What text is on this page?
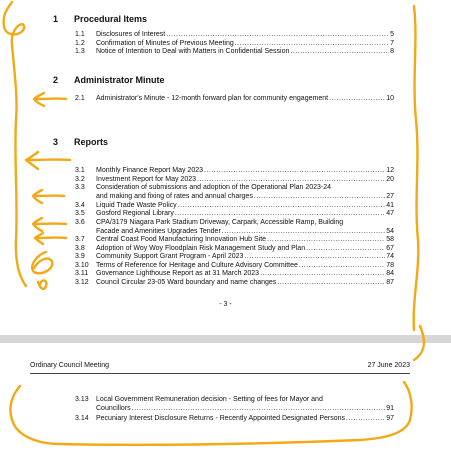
1 Procedural Items
1.1 Disclosures of Interest .....	5
1.2 Confirmation of Minutes of Previous Meeting .....	7
1.3 Notice of Intention to Deal with Matters in Confidential Session .....	8
2 Administrator Minute
2.1 Administrator's Minute - 12-month forward plan for community engagement .....	10
3 Reports
3.1 Monthly Finance Report May 2023 .....	12
3.2 Investment Report for May 2023 .....	20
3.3 Consideration of submissions and adoption of the Operational Plan 2023-24
and making and fixing of rates and annual charges .....	27
3.4 Liquid Trade Waste Policy .....	41
3.5 Gosford Regional Library .....	47
3.6 CPA/3179 Niagara Park Stadium Driveway, Carpark, Accessible Ramp, Building
Facade and Amenities Upgrades Tender .....	54
3.7 Central Coast Food Manufacturing Innovation Hub Site .....	58
3.8 Adoption of Woy Woy Floodplain Risk Management Study and Plan .....	67
3.9 Community Support Grant Program - April 2023 .....	74
3.10 Terms of Reference for Heritage and Culture Advisory Committee .....	78
3.11 Governance Lighthouse Report as at 31 March 2023 .....	84
3.12 Council Circular 23-05 Ward boundary and name changes .....	87
- 3 -
Ordinary Council Meeting	27 June 2023
3.13 Local Government Remuneration decision - Setting of fees for Mayor and
Councillors .....	91
3.14 Pecuniary Interest Disclosure Returns - Recently Appointed Designated Persons .....	97
